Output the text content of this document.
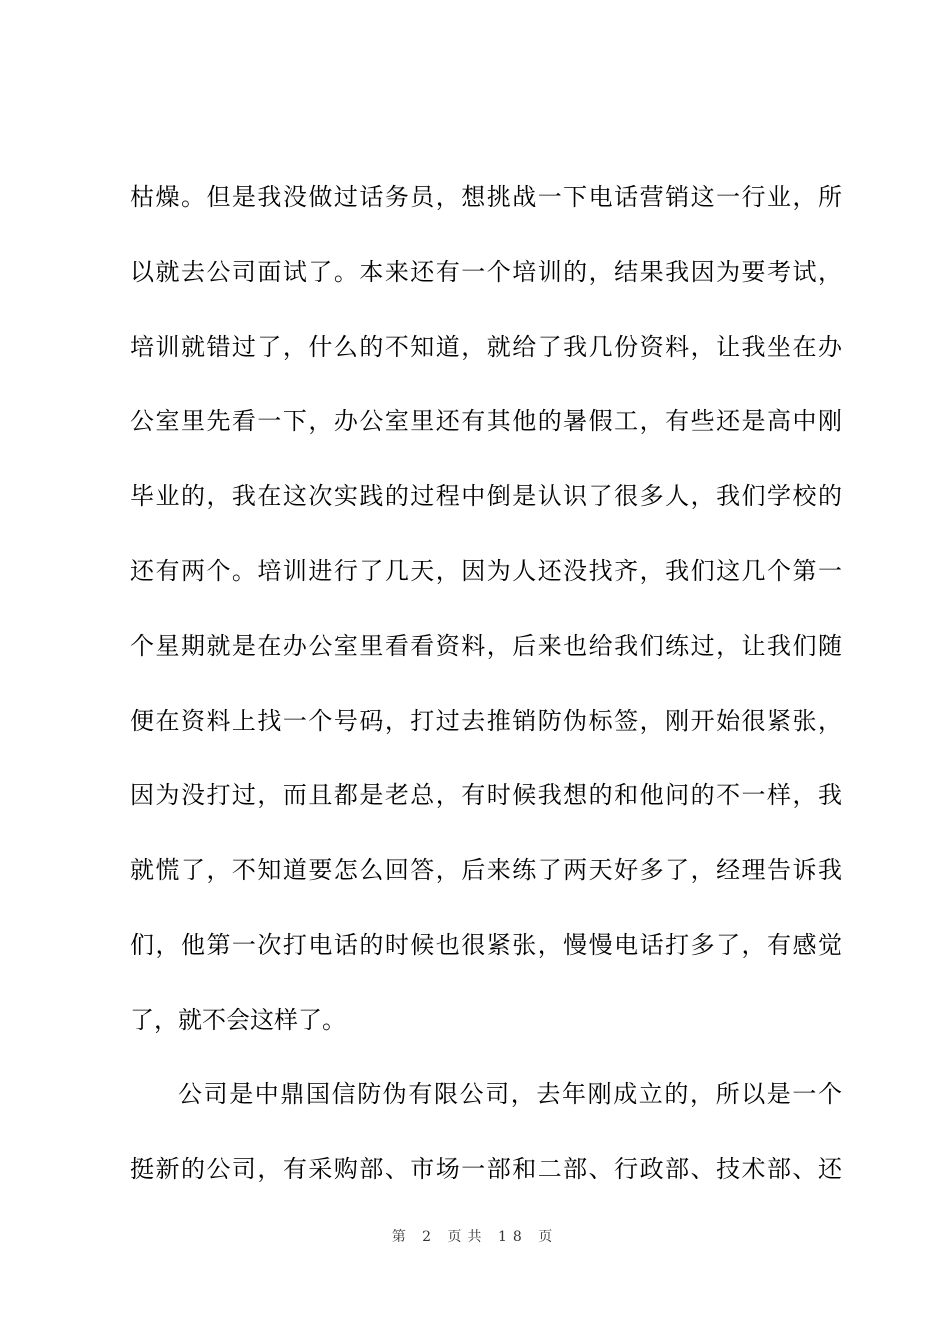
枯燥。但是我没做过话务员，想挑战一下电话营销这一行业，所
以就去公司面试了。本来还有一个培训的，结果我因为要考试，
培训就错过了，什么的不知道，就给了我几份资料，让我坐在办
公室里先看一下，办公室里还有其他的暑假工，有些还是高中刚
毕业的，我在这次实践的过程中倒是认识了很多人，我们学校的
还有两个。培训进行了几天，因为人还没找齐，我们这几个第一
个星期就是在办公室里看看资料，后来也给我们练过，让我们随
便在资料上找一个号码，打过去推销防伪标签，刚开始很紧张，
因为没打过，而且都是老总，有时候我想的和他问的不一样，我
就慌了，不知道要怎么回答，后来练了两天好多了，经理告诉我
们，他第一次打电话的时候也很紧张，慢慢电话打多了，有感觉
了，就不会这样了。
公司是中鼎国信防伪有限公司，去年刚成立的，所以是一个
挺新的公司，有采购部、市场一部和二部、行政部、技术部、还
第 2 页共 18 页
